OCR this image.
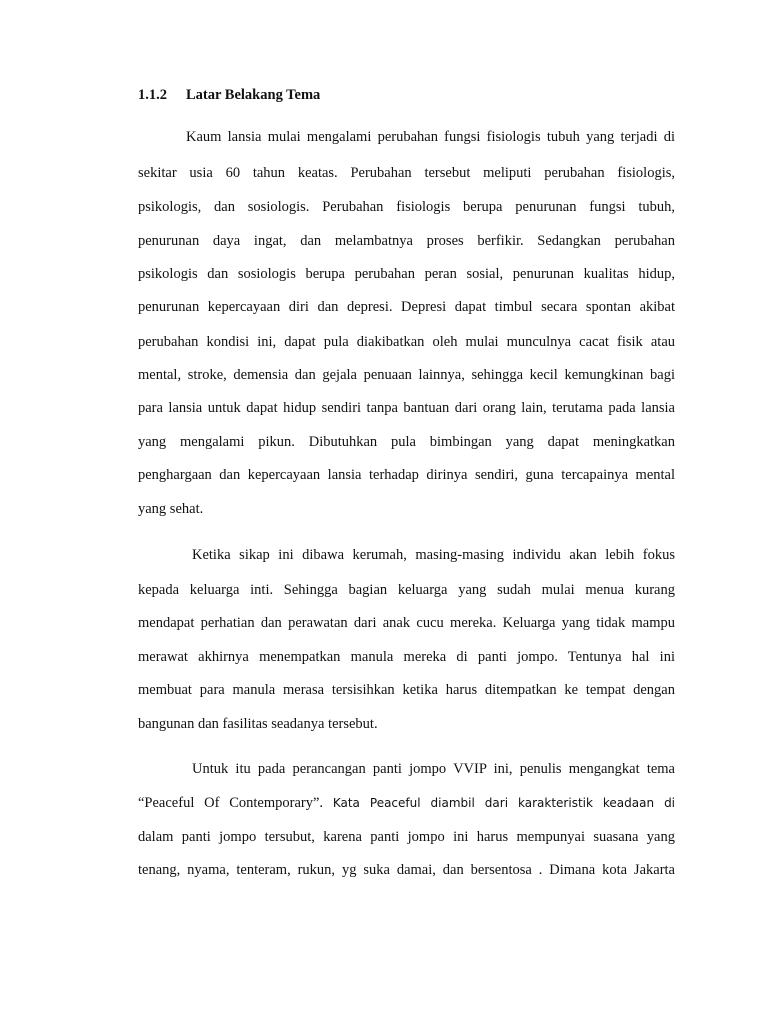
1.1.2 Latar Belakang Tema
Kaum lansia mulai mengalami perubahan fungsi fisiologis tubuh yang terjadi di
sekitar usia 60 tahun keatas. Perubahan tersebut meliputi perubahan fisiologis,
psikologis, dan sosiologis. Perubahan fisiologis berupa penurunan fungsi tubuh,
penurunan daya ingat, dan melambatnya proses berfikir. Sedangkan perubahan
psikologis dan sosiologis berupa perubahan peran sosial, penurunan kualitas hidup,
penurunan kepercayaan diri dan depresi. Depresi dapat timbul secara spontan akibat
perubahan kondisi ini, dapat pula diakibatkan oleh mulai munculnya cacat fisik atau
mental, stroke, demensia dan gejala penuaan lainnya, sehingga kecil kemungkinan bagi
para lansia untuk dapat hidup sendiri tanpa bantuan dari orang lain, terutama pada lansia
yang mengalami pikun. Dibutuhkan pula bimbingan yang dapat meningkatkan
penghargaan dan kepercayaan lansia terhadap dirinya sendiri, guna tercapainya mental
yang sehat.
Ketika sikap ini dibawa kerumah, masing-masing individu akan lebih fokus
kepada keluarga inti. Sehingga bagian keluarga yang sudah mulai menua kurang
mendapat perhatian dan perawatan dari anak cucu mereka. Keluarga yang tidak mampu
merawat akhirnya menempatkan manula mereka di panti jompo. Tentunya hal ini
membuat para manula merasa tersisihkan ketika harus ditempatkan ke tempat dengan
bangunan dan fasilitas seadanya tersebut.
Untuk itu pada perancangan panti jompo VVIP ini, penulis mengangkat tema
“Peaceful Of Contemporary”. Kata Peaceful diambil dari karakteristik keadaan di
dalam panti jompo tersubut, karena panti jompo ini harus mempunyai suasana yang
tenang, nyama, tenteram, rukun, yg suka damai, dan bersentosa . Dimana kota Jakarta
